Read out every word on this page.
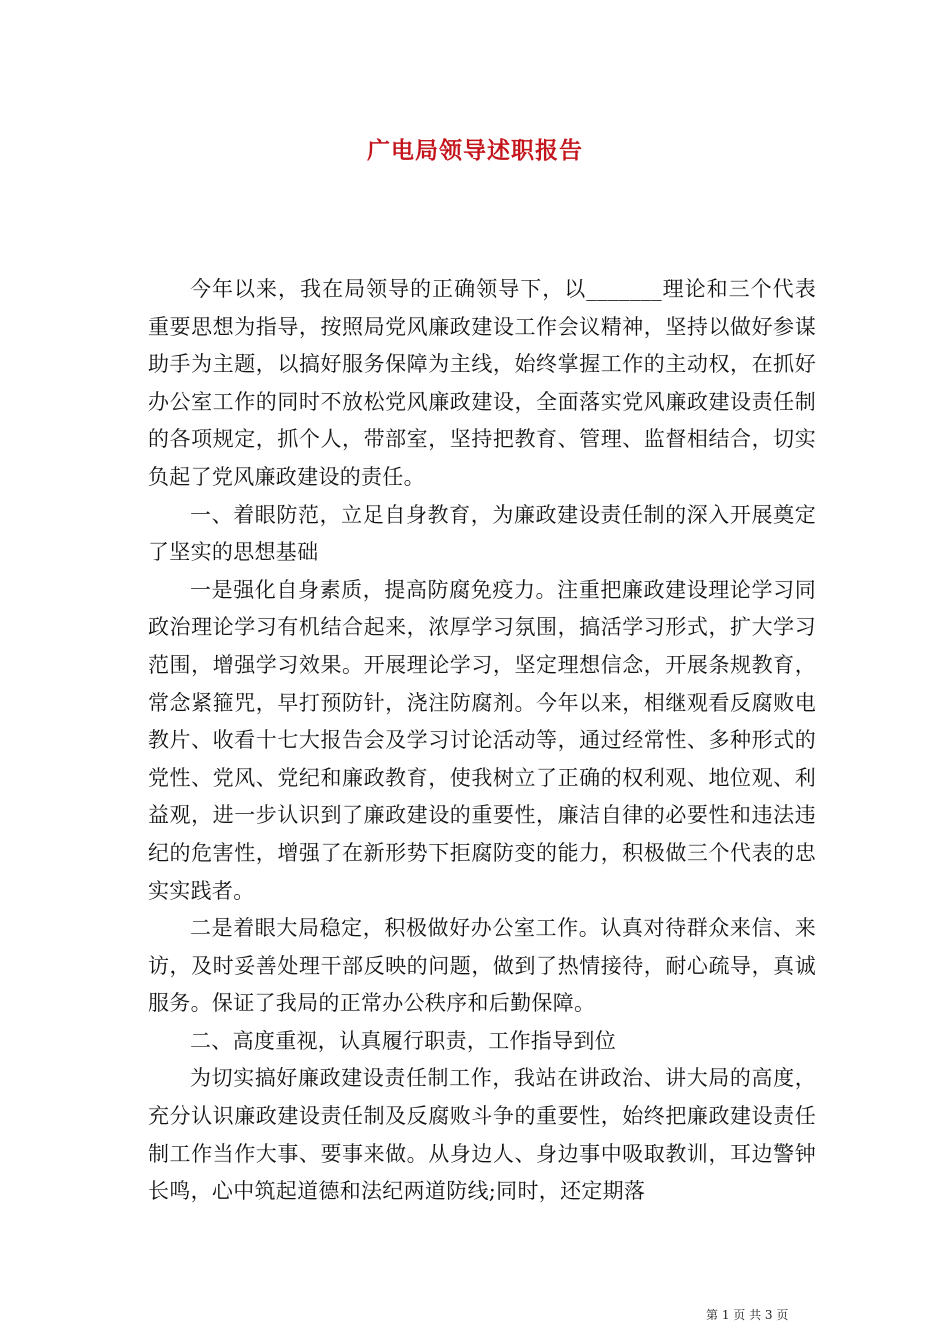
广电局领导述职报告

今年以来，我在局领导的正确领导下，以_______理论和三个代表重要思想为指导，按照局党风廉政建设工作会议精神，坚持以做好参谋助手为主题，以搞好服务保障为主线，始终掌握工作的主动权，在抓好办公室工作的同时不放松党风廉政建设，全面落实党风廉政建设责任制的各项规定，抓个人，带部室，坚持把教育、管理、监督相结合，切实负起了党风廉政建设的责任。

一、着眼防范，立足自身教育，为廉政建设责任制的深入开展奠定了坚实的思想基础

一是强化自身素质，提高防腐免疫力。注重把廉政建设理论学习同政治理论学习有机结合起来，浓厚学习氛围，搞活学习形式，扩大学习范围，增强学习效果。开展理论学习，坚定理想信念，开展条规教育，常念紧箍咒，早打预防针，浇注防腐剂。今年以来，相继观看反腐败电教片、收看十七大报告会及学习讨论活动等，通过经常性、多种形式的党性、党风、党纪和廉政教育，使我树立了正确的权利观、地位观、利益观，进一步认识到了廉政建设的重要性，廉洁自律的必要性和违法违纪的危害性，增强了在新形势下拒腐防变的能力，积极做三个代表的忠实实践者。

二是着眼大局稳定，积极做好办公室工作。认真对待群众来信、来访，及时妥善处理干部反映的问题，做到了热情接待，耐心疏导，真诚服务。保证了我局的正常办公秩序和后勤保障。

二、高度重视，认真履行职责，工作指导到位

为切实搞好廉政建设责任制工作，我站在讲政治、讲大局的高度，充分认识廉政建设责任制及反腐败斗争的重要性，始终把廉政建设责任制工作当作大事、要事来做。从身边人、身边事中吸取教训，耳边警钟长鸣，心中筑起道德和法纪两道防线;同时，还定期落

第 1 页 共 3 页
